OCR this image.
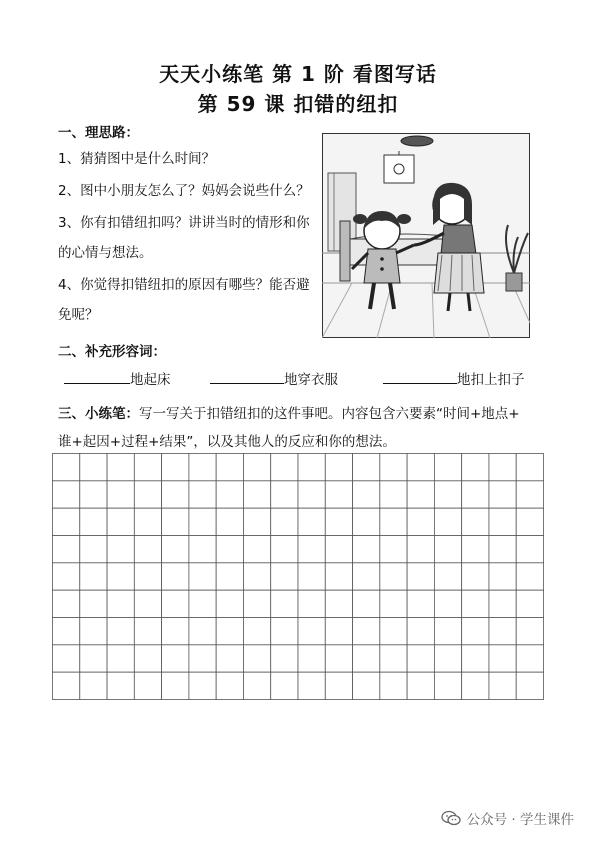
天天小练笔 第 1 阶 看图写话
第 59 课 扣错的纽扣
一、理思路：
1、猜猜图中是什么时间？
2、图中小朋友怎么了？妈妈会说些什么？
3、你有扣错纽扣吗？讲讲当时的情形和你
的心情与想法。
4、你觉得扣错纽扣的原因有哪些？能否避
免呢？
二、补充形容词：
地起床	地穿衣服	地扣上扣子
三、小练笔：写一写关于扣错纽扣的这件事吧。内容包含六要素“时间+地点+
谁+起因+过程+结果”，以及其他人的反应和你的想法。
公众号 · 学生课件
